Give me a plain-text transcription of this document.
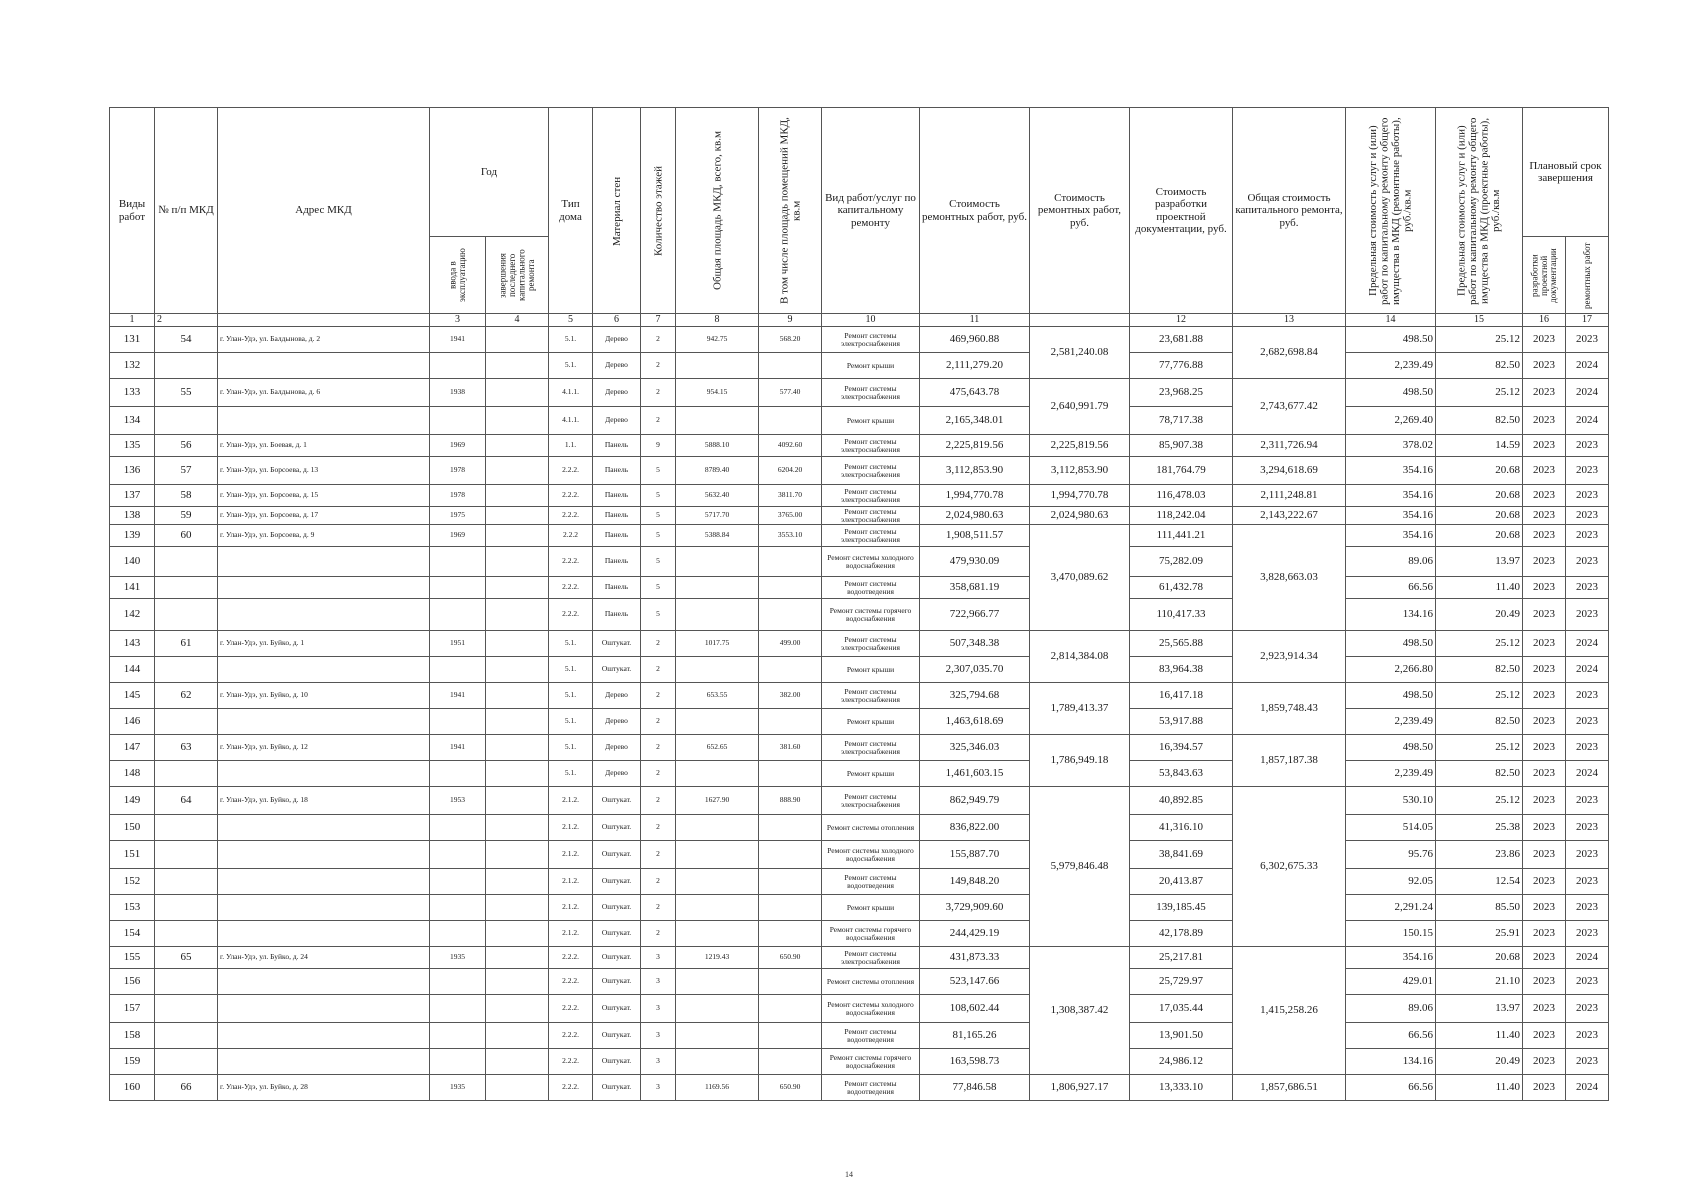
Виды работ	№ п/п МКД	Адрес МКД	Год		Тип дома	Материал стен	Количество этажей	Общая площадь МКД, всего, кв.м	В том числе площадь помещений МКД, кв.м	Вид работ/услуг по капитальному ремонту	Стоимость ремонтных работ, руб.	Стоимость ремонтных работ, руб.	Стоимость разработки проектной документации, руб.	Общая стоимость капитального ремонта, руб.	Предельная стоимость услуг и (или) работ по капитальному ремонту общего имущества в МКД (ремонтные работы), руб./кв.м	Предельная стоимость услуг и (или) работ по капитальному ремонту общего имущества в МКД (проектные работы), руб./кв.м	Плановый срок завершения	
			ввода в эксплуатацию	завершения последнего капитального ремонта													разработки проектной документации	ремонтных работ
1	2		3	4	5	6	7	8	9	10	11		12	13	14	15	16	17
131	54	г. Улан-Удэ, ул. Балдынова, д. 2	1941		5.1.	Дерево	2	942.75	568.20	Ремонт системы электроснабжения	469,960.88	2,581,240.08	23,681.88	2,682,698.84	498.50	25.12	2023	2023
132					5.1.	Дерево	2			Ремонт крыши	2,111,279.20		77,776.88		2,239.49	82.50	2023	2024
133	55	г. Улан-Удэ, ул. Балдынова, д. 6	1938		4.1.1.	Дерево	2	954.15	577.40	Ремонт системы электроснабжения	475,643.78	2,640,991.79	23,968.25	2,743,677.42	498.50	25.12	2023	2024
134					4.1.1.	Дерево	2			Ремонт крыши	2,165,348.01		78,717.38		2,269.40	82.50	2023	2024
135	56	г. Улан-Удэ, ул. Боевая, д. 1	1969		1.1.	Панель	9	5888.10	4092.60	Ремонт системы электроснабжения	2,225,819.56	2,225,819.56	85,907.38	2,311,726.94	378.02	14.59	2023	2023
136	57	г. Улан-Удэ, ул. Борсоева, д. 13	1978		2.2.2.	Панель	5	8789.40	6204.20	Ремонт системы электроснабжения	3,112,853.90	3,112,853.90	181,764.79	3,294,618.69	354.16	20.68	2023	2023
137	58	г. Улан-Удэ, ул. Борсоева, д. 15	1978		2.2.2.	Панель	5	5632.40	3811.70	Ремонт системы электроснабжения	1,994,770.78	1,994,770.78	116,478.03	2,111,248.81	354.16	20.68	2023	2023
138	59	г. Улан-Удэ, ул. Борсоева, д. 17	1975		2.2.2.	Панель	5	5717.70	3765.00	Ремонт системы электроснабжения	2,024,980.63	2,024,980.63	118,242.04	2,143,222.67	354.16	20.68	2023	2023
139	60	г. Улан-Удэ, ул. Борсоева, д. 9	1969		2.2.2	Панель	5	5388.84	3553.10	Ремонт системы электроснабжения	1,908,511.57	3,470,089.62	111,441.21	3,828,663.03	354.16	20.68	2023	2023
140					2.2.2.	Панель	5			Ремонт системы холодного водоснабжения	479,930.09		75,282.09		89.06	13.97	2023	2023
141					2.2.2.	Панель	5			Ремонт системы водоотведения	358,681.19		61,432.78		66.56	11.40	2023	2023
142					2.2.2.	Панель	5			Ремонт системы горячего водоснабжения	722,966.77		110,417.33		134.16	20.49	2023	2023
143	61	г. Улан-Удэ, ул. Буйко, д. 1	1951		5.1.	Оштукат.	2	1017.75	499.00	Ремонт системы электроснабжения	507,348.38	2,814,384.08	25,565.88	2,923,914.34	498.50	25.12	2023	2024
144					5.1.	Оштукат.	2			Ремонт крыши	2,307,035.70		83,964.38		2,266.80	82.50	2023	2024
145	62	г. Улан-Удэ, ул. Буйко, д. 10	1941		5.1.	Дерево	2	653.55	382.00	Ремонт системы электроснабжения	325,794.68	1,789,413.37	16,417.18	1,859,748.43	498.50	25.12	2023	2023
146					5.1.	Дерево	2			Ремонт крыши	1,463,618.69		53,917.88		2,239.49	82.50	2023	2023
147	63	г. Улан-Удэ, ул. Буйко, д. 12	1941		5.1.	Дерево	2	652.65	381.60	Ремонт системы электроснабжения	325,346.03	1,786,949.18	16,394.57	1,857,187.38	498.50	25.12	2023	2023
148					5.1.	Дерево	2			Ремонт крыши	1,461,603.15		53,843.63		2,239.49	82.50	2023	2024
149	64	г. Улан-Удэ, ул. Буйко, д. 18	1953		2.1.2.	Оштукат.	2	1627.90	888.90	Ремонт системы электроснабжения	862,949.79	5,979,846.48	40,892.85	6,302,675.33	530.10	25.12	2023	2023
150					2.1.2.	Оштукат.	2			Ремонт системы отопления	836,822.00		41,316.10		514.05	25.38	2023	2023
151					2.1.2.	Оштукат.	2			Ремонт системы холодного водоснабжения	155,887.70		38,841.69		95.76	23.86	2023	2023
152					2.1.2.	Оштукат.	2			Ремонт системы водоотведения	149,848.20		20,413.87		92.05	12.54	2023	2023
153					2.1.2.	Оштукат.	2			Ремонт крыши	3,729,909.60		139,185.45		2,291.24	85.50	2023	2023
154					2.1.2.	Оштукат.	2			Ремонт системы горячего водоснабжения	244,429.19		42,178.89		150.15	25.91	2023	2023
155	65	г. Улан-Удэ, ул. Буйко, д. 24	1935		2.2.2.	Оштукат.	3	1219.43	650.90	Ремонт системы электроснабжения	431,873.33	1,308,387.42	25,217.81	1,415,258.26	354.16	20.68	2023	2024
156					2.2.2.	Оштукат.	3			Ремонт системы отопления	523,147.66		25,729.97		429.01	21.10	2023	2023
157					2.2.2.	Оштукат.	3			Ремонт системы холодного водоснабжения	108,602.44		17,035.44		89.06	13.97	2023	2023
158					2.2.2.	Оштукат.	3			Ремонт системы водоотведения	81,165.26		13,901.50		66.56	11.40	2023	2023
159					2.2.2.	Оштукат.	3			Ремонт системы горячего водоснабжения	163,598.73		24,986.12		134.16	20.49	2023	2023
160	66	г. Улан-Удэ, ул. Буйко, д. 28	1935		2.2.2.	Оштукат.	3	1169.56	650.90	Ремонт системы водоотведения	77,846.58	1,806,927.17	13,333.10	1,857,686.51	66.56	11.40	2023	2024
14
